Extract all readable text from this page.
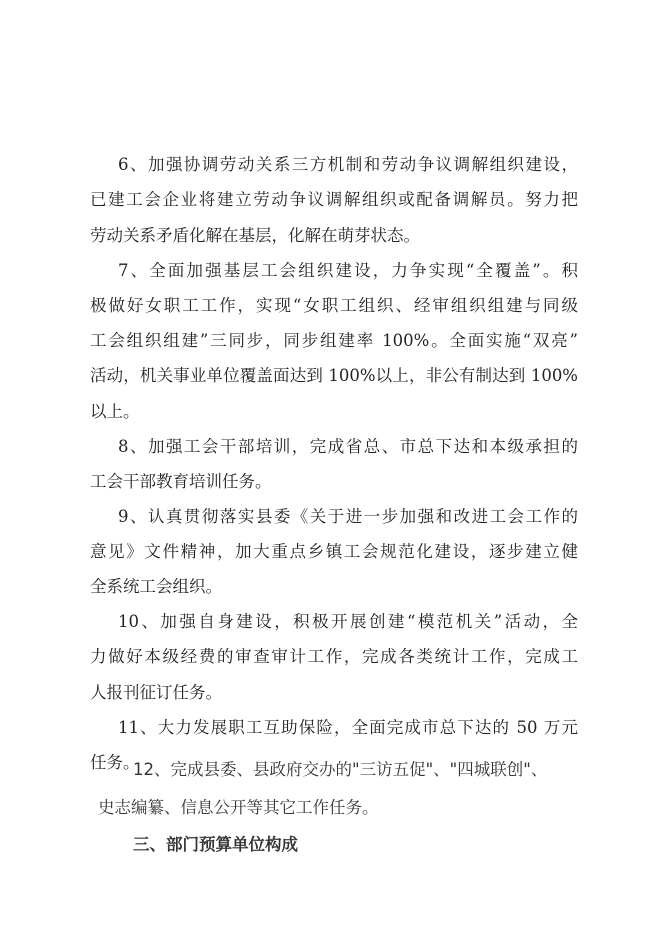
6、加强协调劳动关系三方机制和劳动争议调解组织建设，
已建工会企业将建立劳动争议调解组织或配备调解员。努力把
劳动关系矛盾化解在基层，化解在萌芽状态。
7、全面加强基层工会组织建设，力争实现“全覆盖”。积
极做好女职工工作，实现“女职工组织、经审组织组建与同级
工会组织组建”三同步，同步组建率 100%。全面实施“双亮”
活动，机关事业单位覆盖面达到 100%以上，非公有制达到 100%
以上。
8、加强工会干部培训，完成省总、市总下达和本级承担的
工会干部教育培训任务。
9、认真贯彻落实县委《关于进一步加强和改进工会工作的
意见》文件精神，加大重点乡镇工会规范化建设，逐步建立健
全系统工会组织。
10、加强自身建设，积极开展创建“模范机关”活动，全
力做好本级经费的审查审计工作，完成各类统计工作，完成工
人报刊征订任务。
11、大力发展职工互助保险，全面完成市总下达的 50 万元
任务。
12、完成县委、县政府交办的"三访五促"、"四城联创"、
史志编纂、信息公开等其它工作任务。
三、部门预算单位构成
